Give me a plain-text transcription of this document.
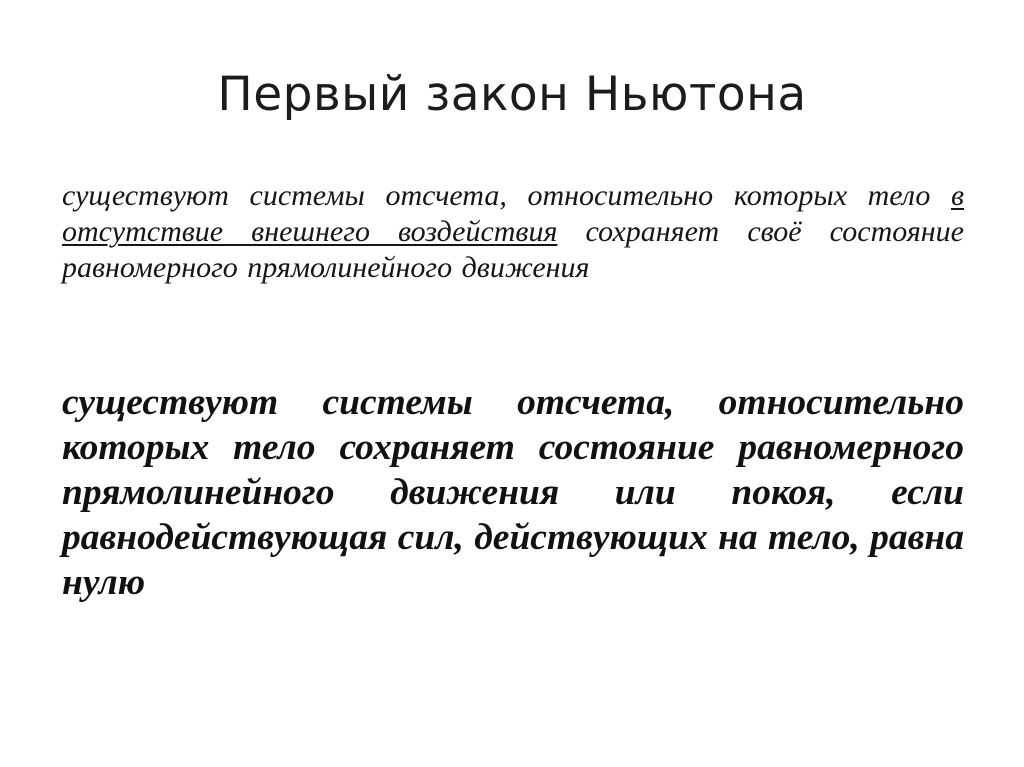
Первый закон Ньютона

существуют системы отсчета, относительно которых тело в отсутствие внешнего воздействия сохраняет своё состояние равномерного прямолинейного движения

существуют системы отсчета, относительно которых тело сохраняет состояние равномерного прямолинейного движения или покоя, если равнодействующая сил, действующих на тело, равна нулю
